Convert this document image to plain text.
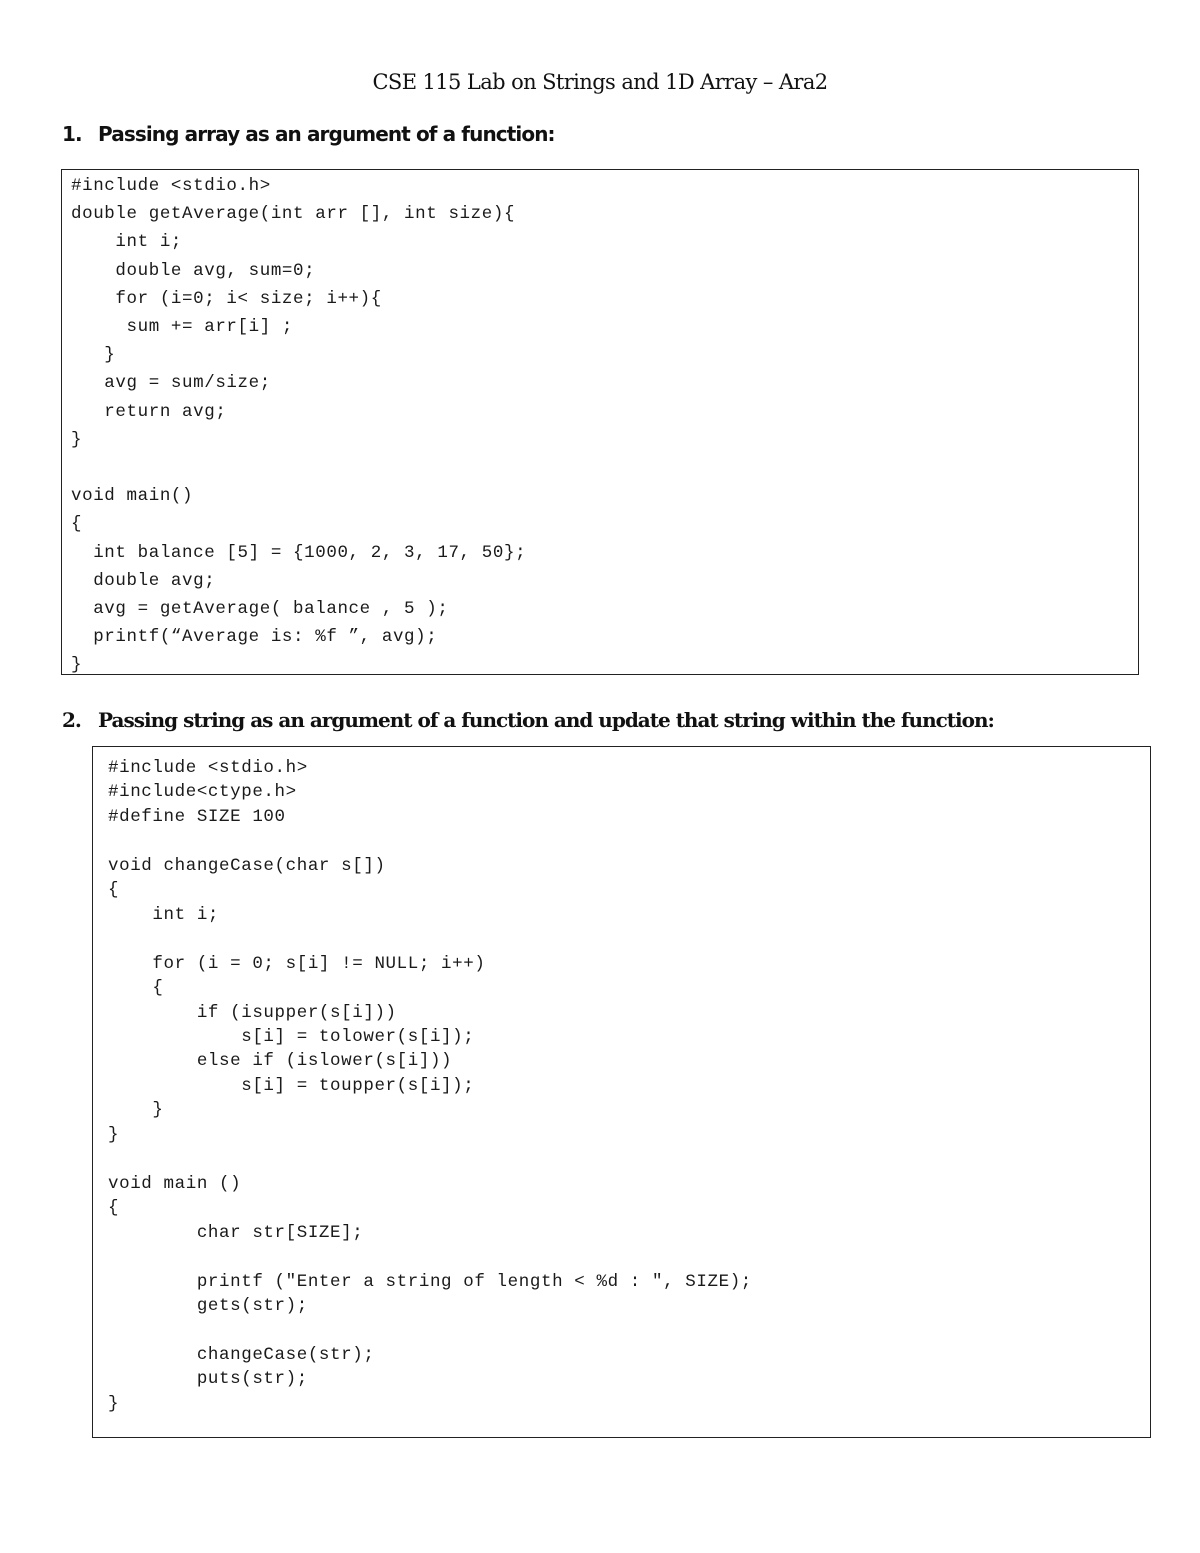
CSE 115 Lab on Strings and 1D Array – Ara2
1. Passing array as an argument of a function:
#include <stdio.h>
double getAverage(int arr [], int size){
int i;
double avg, sum=0;
for (i=0; i< size; i++){
sum += arr[i] ;
}
avg = sum/size;
return avg;
}

void main()
{
int balance [5] = {1000, 2, 3, 17, 50};
double avg;
avg = getAverage( balance , 5 );
printf(“Average is: %f ”, avg);
}
2. Passing string as an argument of a function and update that string within the function:
#include <stdio.h>
#include<ctype.h>
#define SIZE 100

void changeCase(char s[])
{
int i;

for (i = 0; s[i] != NULL; i++)
{
if (isupper(s[i]))
s[i] = tolower(s[i]);
else if (islower(s[i]))
s[i] = toupper(s[i]);
}
}

void main ()
{
char str[SIZE];

printf ("Enter a string of length < %d : ", SIZE);
gets(str);

changeCase(str);
puts(str);
}
